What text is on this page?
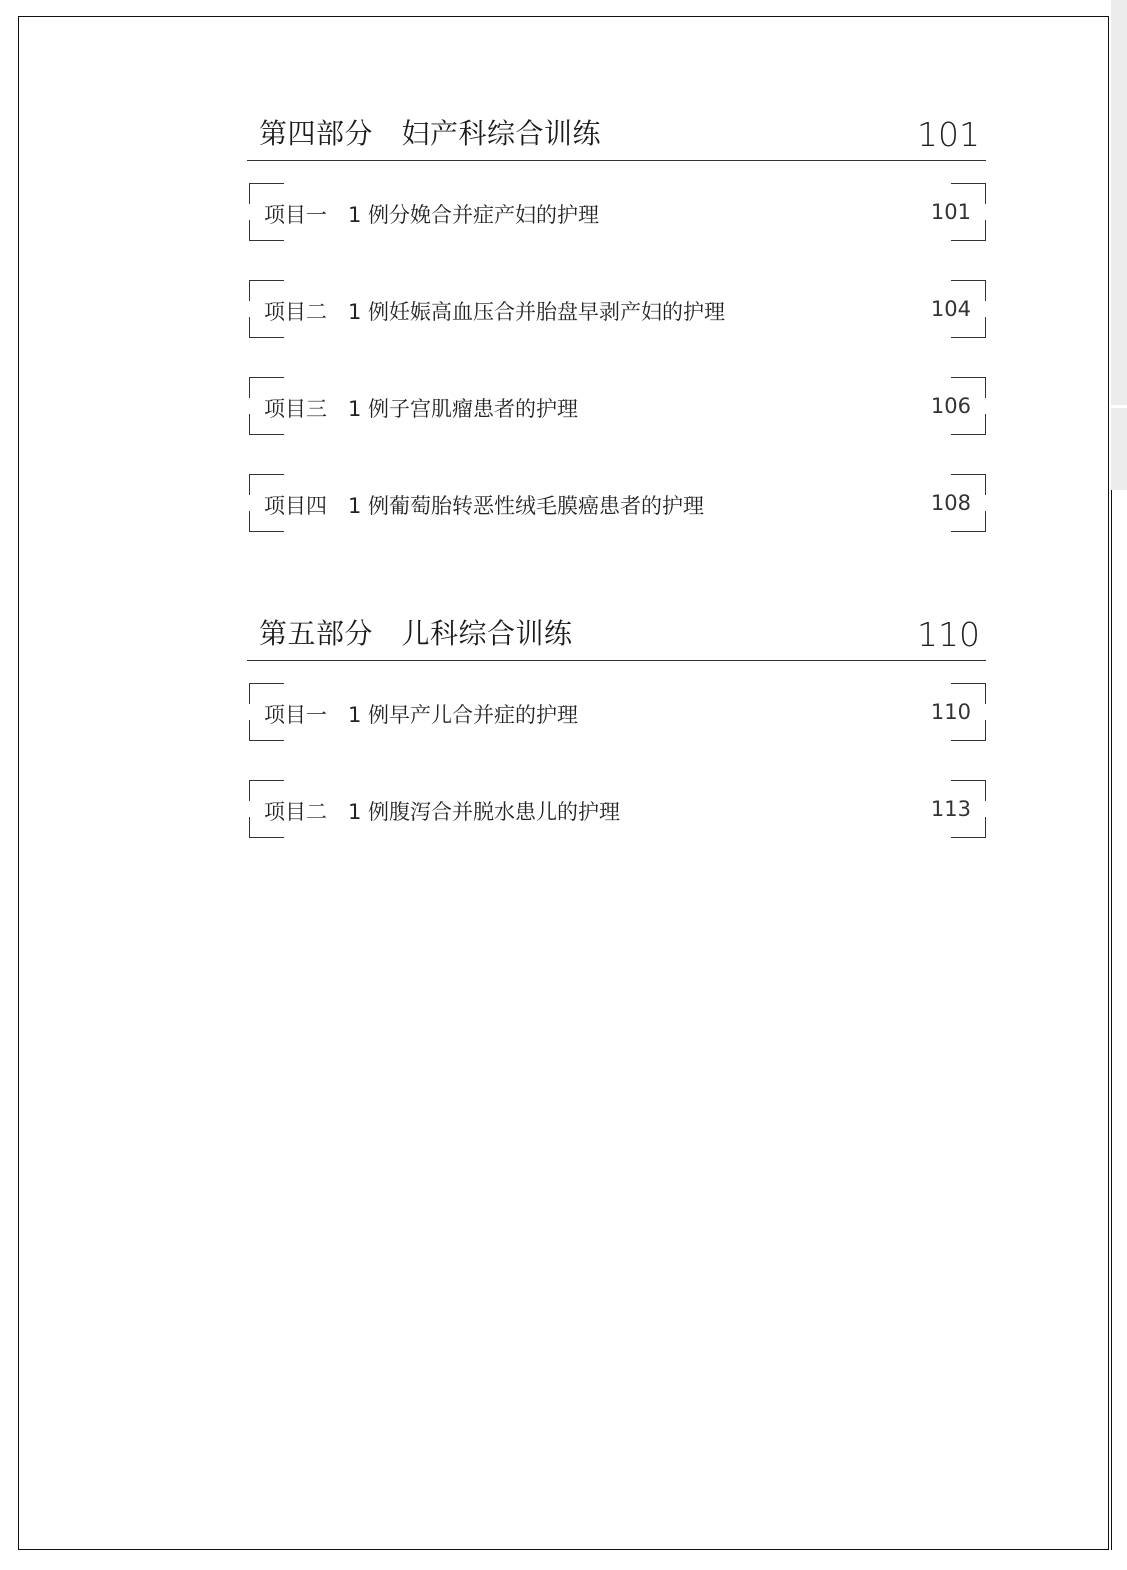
第四部分　妇产科综合训练	101
项目一　1 例分娩合并症产妇的护理	101
项目二　1 例妊娠高血压合并胎盘早剥产妇的护理	104
项目三　1 例子宫肌瘤患者的护理	106
项目四　1 例葡萄胎转恶性绒毛膜癌患者的护理	108
第五部分　儿科综合训练	110
项目一　1 例早产儿合并症的护理	110
项目二　1 例腹泻合并脱水患儿的护理	113
